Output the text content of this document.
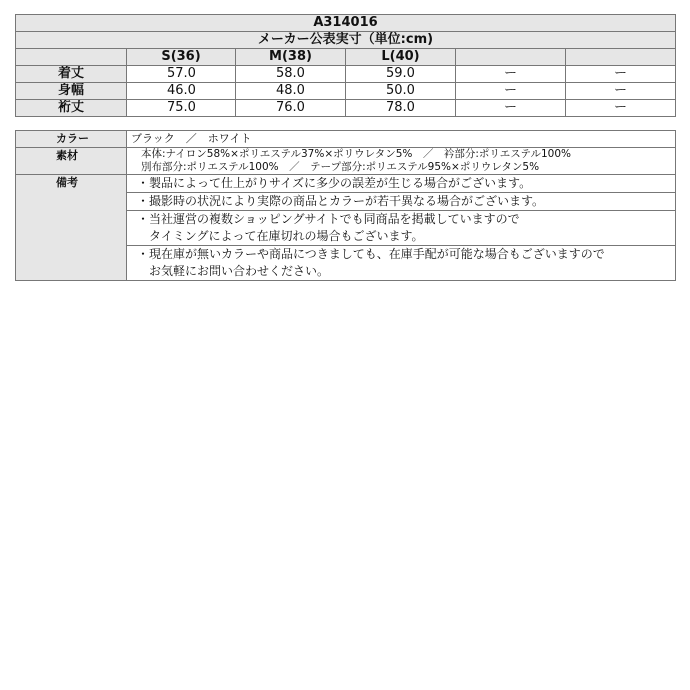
A314016					
メーカー公表実寸（単位:cm)					
	S(36)	M(38)	L(40)		
着丈	57.0	58.0	59.0	ー	ー
身幅	46.0	48.0	50.0	ー	ー
裄丈	75.0	76.0	78.0	ー	ー
カラー	ブラック　／　ホワイト
素材	本体:ナイロン58%×ポリエステル37%×ポリウレタン5%　／　衿部分:ポリエステル100%
別布部分:ポリエステル100%　／　テープ部分:ポリエステル95%×ポリウレタン5%

備考	・製品によって仕上がりサイズに多少の誤差が生じる場合がございます。

	・撮影時の状況により実際の商品とカラーが若干異なる場合がございます。

	・当社運営の複数ショッピングサイトでも同商品を掲載していますので
　タイミングによって在庫切れの場合もございます。

	・現在庫が無いカラーや商品につきましても、在庫手配が可能な場合もございますので
　お気軽にお問い合わせください。
